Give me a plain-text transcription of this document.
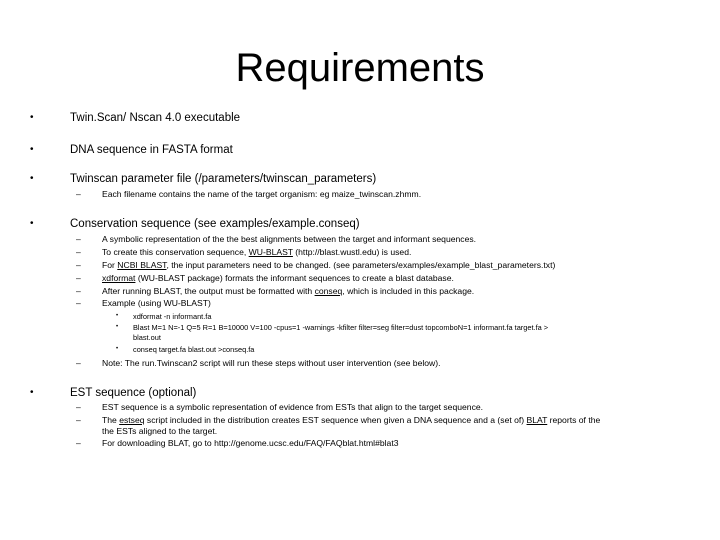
Requirements
•	Twin.Scan/ Nscan 4.0 executable
•	DNA sequence in FASTA format
•	Twinscan parameter file (/parameters/twinscan_parameters)
– Each filename contains the name of the target organism: eg maize_twinscan.zhmm.
•	Conservation sequence (see examples/example.conseq)
– A symbolic representation of the the best alignments between the target and informant sequences.
– To create this conservation sequence, WU-BLAST (http://blast.wustl.edu) is used.
– For NCBI BLAST, the input parameters need to be changed. (see parameters/examples/example_blast_parameters.txt)
– xdformat (WU-BLAST package) formats the informant sequences to create a blast database.
– After running BLAST, the output must be formatted with conseq, which is included in this package.
– Example (using WU-BLAST)
• xdformat -n informant.fa
• Blast M=1 N=-1 Q=5 R=1 B=10000 V=100 -cpus=1 -warnings -kfilter filter=seg filter=dust topcomboN=1 informant.fa target.fa >
blast.out
• conseq target.fa blast.out >conseq.fa
– Note: The run.Twinscan2 script will run these steps without user intervention (see below).
•	EST sequence (optional)
– EST sequence is a symbolic representation of evidence from ESTs that align to the target sequence.
– The estseq script included in the distribution creates EST sequence when given a DNA sequence and a (set of) BLAT reports of the
the ESTs aligned to the target.
– For downloading BLAT, go to http://genome.ucsc.edu/FAQ/FAQblat.html#blat3
